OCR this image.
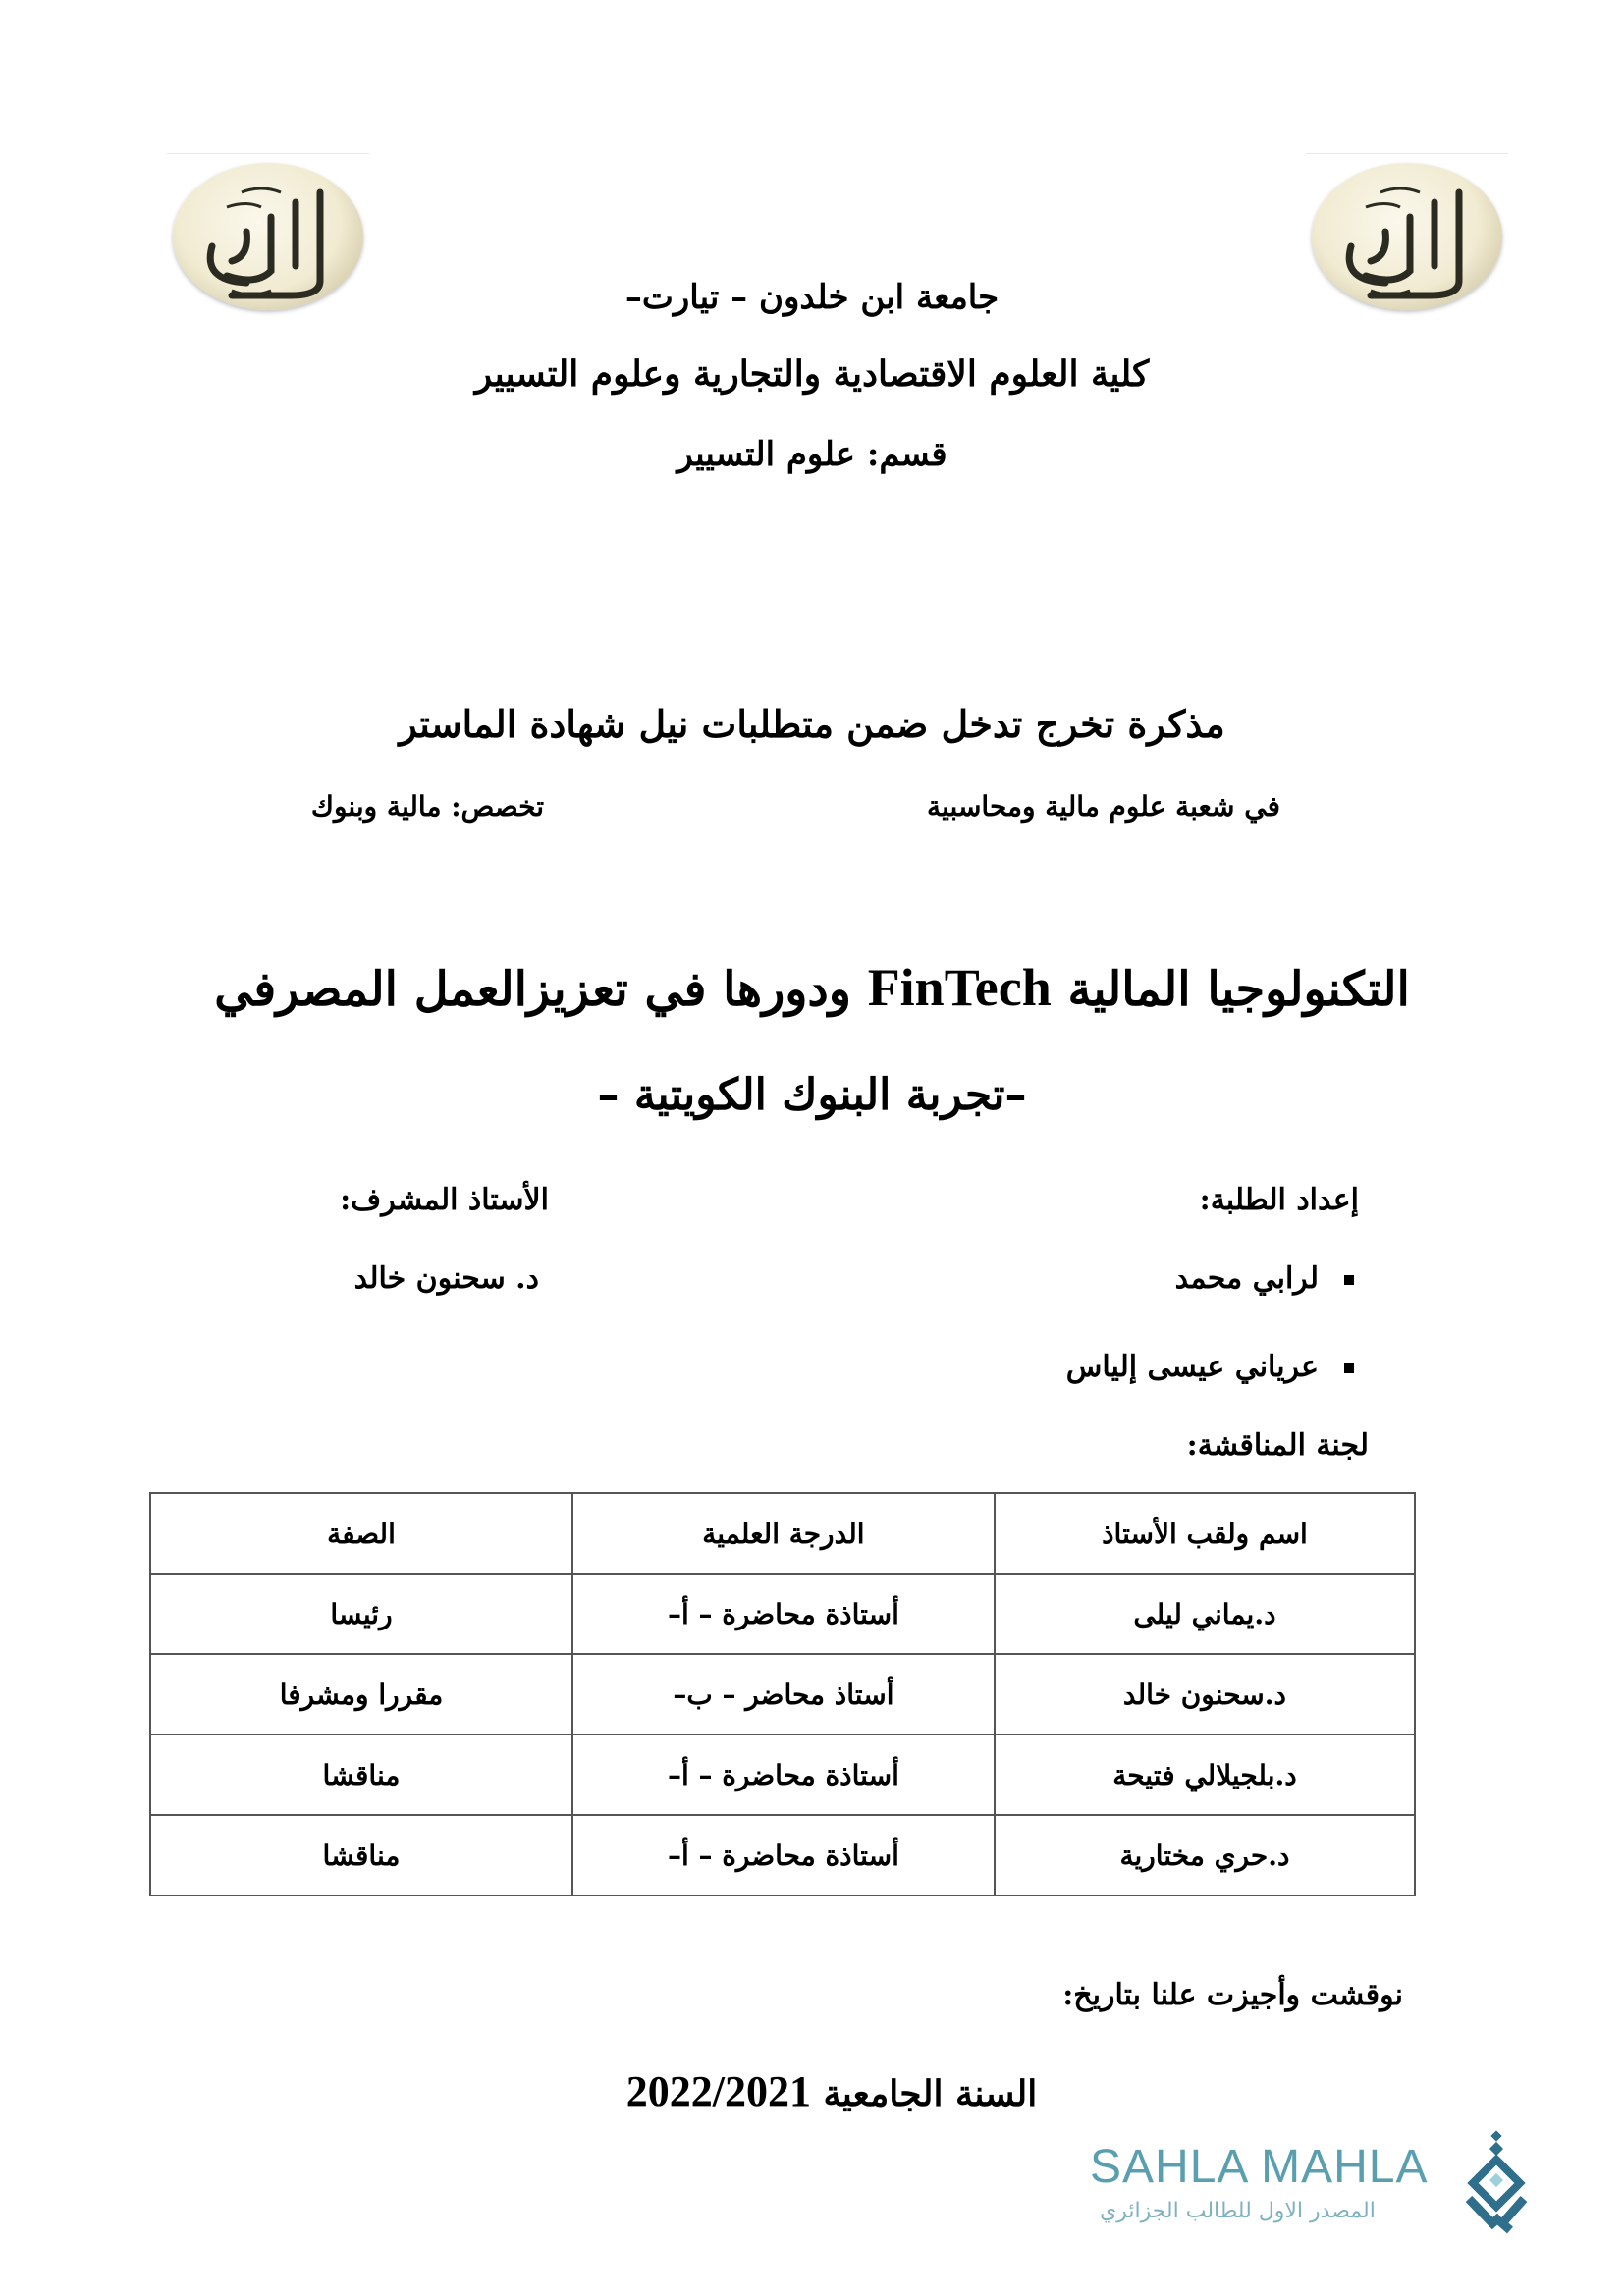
جامعة ابن خلدون – تيارت–
كلية العلوم الاقتصادية والتجارية وعلوم التسيير
قسم: علوم التسيير
مذكرة تخرج تدخل ضمن متطلبات نيل شهادة الماستر
في شعبة علوم مالية ومحاسبية
تخصص: مالية وبنوك
التكنولوجيا المالية FinTech ودورها في تعزيزالعمل المصرفي
–تجربة البنوك الكويتية –
إعداد الطلبة:
الأستاذ المشرف:
لرابي محمد
د. سحنون خالد
عرياني عيسى إلياس
لجنة المناقشة:
اسم ولقب الأستاذ	الدرجة العلمية	الصفة
د.يماني ليلى	أستاذة محاضرة – أ–	رئيسا
د.سحنون خالد	أستاذ محاضر – ب–	مقررا ومشرفا
د.بلجيلالي فتيحة	أستاذة محاضرة – أ–	مناقشا
د.حري مختارية	أستاذة محاضرة – أ–	مناقشا
نوقشت وأجيزت علنا بتاريخ:
السنة الجامعية 2022/2021
SAHLA MAHLA
المصدر الاول للطالب الجزائري
